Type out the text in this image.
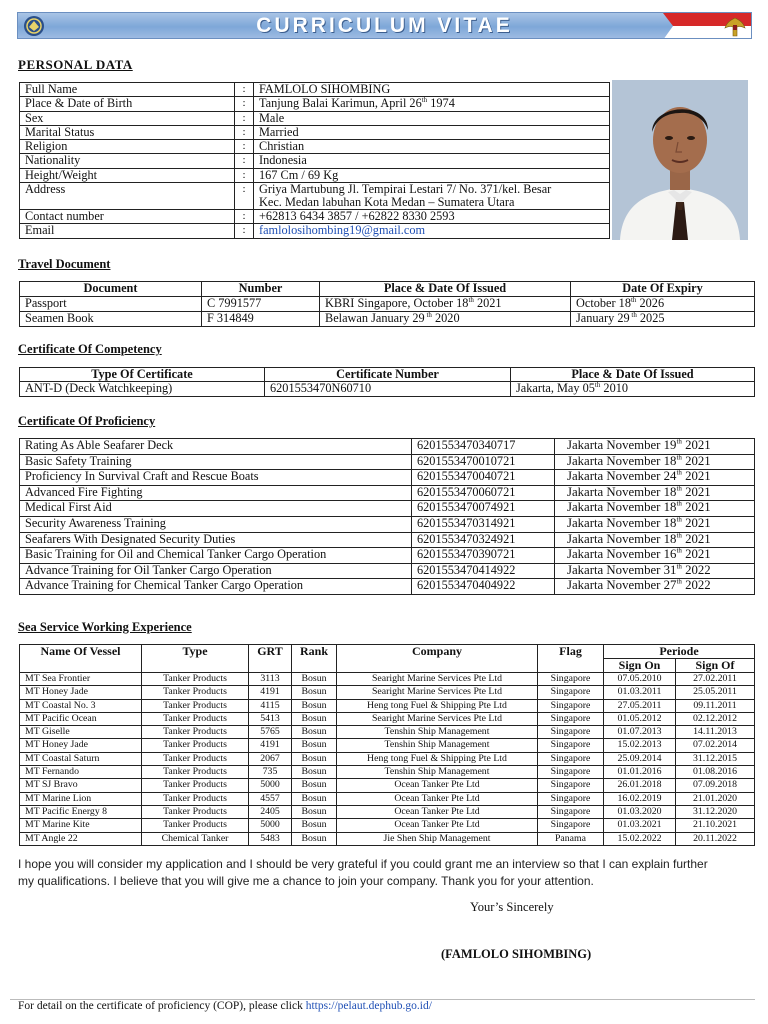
CURRICULUM VITAE
PERSONAL DATA
Full Name	:	FAMLOLO SIHOMBING
Place & Date of Birth	:	Tanjung Balai Karimun, April 26th 1974
Sex	:	Male
Marital Status	:	Married
Religion	:	Christian
Nationality	:	Indonesia
Height/Weight	:	167 Cm / 69 Kg
Address	:	Griya Martubung Jl. Tempirai Lestari 7/ No. 371/kel. Besar
Kec. Medan labuhan Kota Medan – Sumatera Utara

Contact number	:	+62813 6434 3857 / +62822 8330 2593
Email	:	famlolosihombing19@gmail.com
Travel Document
Document	Number	Place & Date Of Issued	Date Of Expiry
Passport	C 7991577	KBRI Singapore, October 18th 2021	October 18th 2026
Seamen Book	F 314849	Belawan January 29 $^{th}$ 2020	January 29 $^{th}$ 2025
Certificate Of Competency
Type Of Certificate	Certificate Number	Place & Date Of Issued
ANT-D (Deck Watchkeeping)	6201553470N60710	Jakarta, May 05th 2010
Certificate Of Proficiency
Rating As Able Seafarer Deck	6201553470340717	Jakarta November 19th 2021
Basic Safety Training	6201553470010721	Jakarta November 18th 2021
Proficiency In Survival Craft and Rescue Boats	6201553470040721	Jakarta November 24th 2021
Advanced Fire Fighting	6201553470060721	Jakarta November 18th 2021
Medical First Aid	6201553470074921	Jakarta November 18th 2021
Security Awareness Training	6201553470314921	Jakarta November 18th 2021
Seafarers With Designated Security Duties	6201553470324921	Jakarta November 18th 2021
Basic Training for Oil and Chemical Tanker Cargo Operation	6201553470390721	Jakarta November 16th 2021
Advance Training for Oil Tanker Cargo Operation	6201553470414922	Jakarta November 31th 2022
Advance Training for Chemical Tanker Cargo Operation	6201553470404922	Jakarta November 27th 2022
Sea Service Working Experience
Name Of Vessel	Type	GRT	Rank	Company	Flag	Periode	
						Sign On	Sign Of
MT Sea Frontier	Tanker Products	3113	Bosun	Searight Marine Services Pte Ltd	Singapore	07.05.2010	27.02.2011
MT Honey Jade	Tanker Products	4191	Bosun	Searight Marine Services Pte Ltd	Singapore	01.03.2011	25.05.2011
MT Coastal No. 3	Tanker Products	4115	Bosun	Heng tong Fuel & Shipping Pte Ltd	Singapore	27.05.2011	09.11.2011
MT Pacific Ocean	Tanker Products	5413	Bosun	Searight Marine Services Pte Ltd	Singapore	01.05.2012	02.12.2012
MT Giselle	Tanker Products	5765	Bosun	Tenshin Ship Management	Singapore	01.07.2013	14.11.2013
MT Honey Jade	Tanker Products	4191	Bosun	Tenshin Ship Management	Singapore	15.02.2013	07.02.2014
MT Coastal Saturn	Tanker Products	2067	Bosun	Heng tong Fuel & Shipping Pte Ltd	Singapore	25.09.2014	31.12.2015
MT Fernando	Tanker Products	735	Bosun	Tenshin Ship Management	Singapore	01.01.2016	01.08.2016
MT SJ Bravo	Tanker Products	5000	Bosun	Ocean Tanker Pte Ltd	Singapore	26.01.2018	07.09.2018
MT Marine Lion	Tanker Products	4557	Bosun	Ocean Tanker Pte Ltd	Singapore	16.02.2019	21.01.2020
MT Pacific Energy 8	Tanker Products	2405	Bosun	Ocean Tanker Pte Ltd	Singapore	01.03.2020	31.12.2020
MT Marine Kite	Tanker Products	5000	Bosun	Ocean Tanker Pte Ltd	Singapore	01.03.2021	21.10.2021
MT Angle 22	Chemical Tanker	5483	Bosun	Jie Shen Ship Management	Panama	15.02.2022	20.11.2022
I hope you will consider my application and I should be very grateful if you could grant me an interview so that I can explain further
my qualifications. I believe that you will give me a chance to join your company. Thank you for your attention.
Your’s Sincerely
(FAMLOLO SIHOMBING)
For detail on the certificate of proficiency (COP), please click https://pelaut.dephub.go.id/
